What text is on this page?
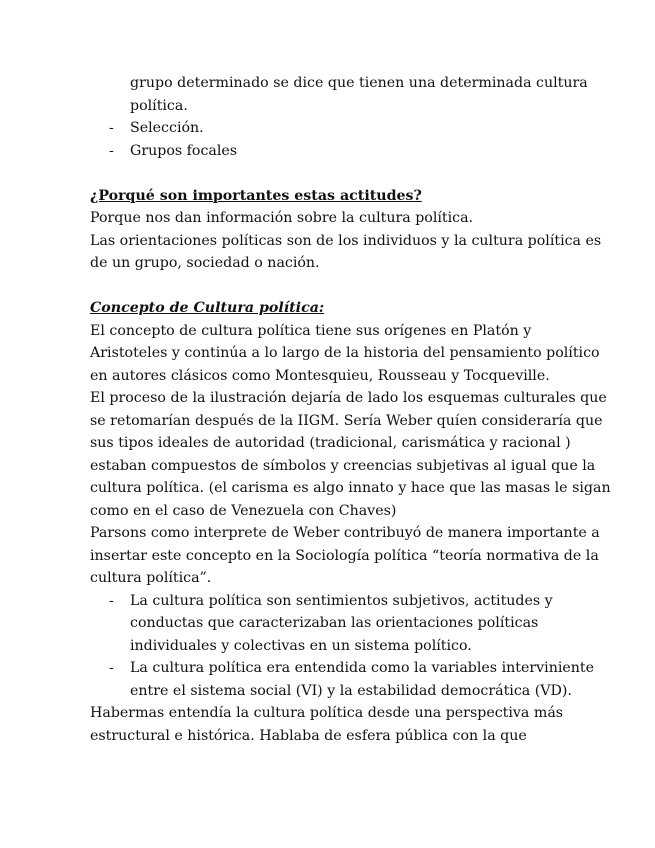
grupo determinado se dice que tienen una determinada cultura
política.
- Selección.
- Grupos focales
¿Porqué son importantes estas actitudes?
Porque nos dan información sobre la cultura política.
Las orientaciones políticas son de los individuos y la cultura política es
de un grupo, sociedad o nación.
Concepto de Cultura política:
El concepto de cultura política tiene sus orígenes en Platón y
Aristoteles y continúa a lo largo de la historia del pensamiento político
en autores clásicos como Montesquieu, Rousseau y Tocqueville.
El proceso de la ilustración dejaría de lado los esquemas culturales que
se retomarían después de la IIGM. Sería Weber quíen consideraría que
sus tipos ideales de autoridad (tradicional, carismática y racional )
estaban compuestos de símbolos y creencias subjetivas al igual que la
cultura política. (el carisma es algo innato y hace que las masas le sigan
como en el caso de Venezuela con Chaves)
Parsons como interprete de Weber contribuyó de manera importante a
insertar este concepto en la Sociología política “teoría normativa de la
cultura política”.
- La cultura política son sentimientos subjetivos, actitudes y
conductas que caracterizaban las orientaciones políticas
individuales y colectivas en un sistema político.
- La cultura política era entendida como la variables interviniente
entre el sistema social (VI) y la estabilidad democrática (VD).
Habermas entendía la cultura política desde una perspectiva más
estructural e histórica. Hablaba de esfera pública con la que
